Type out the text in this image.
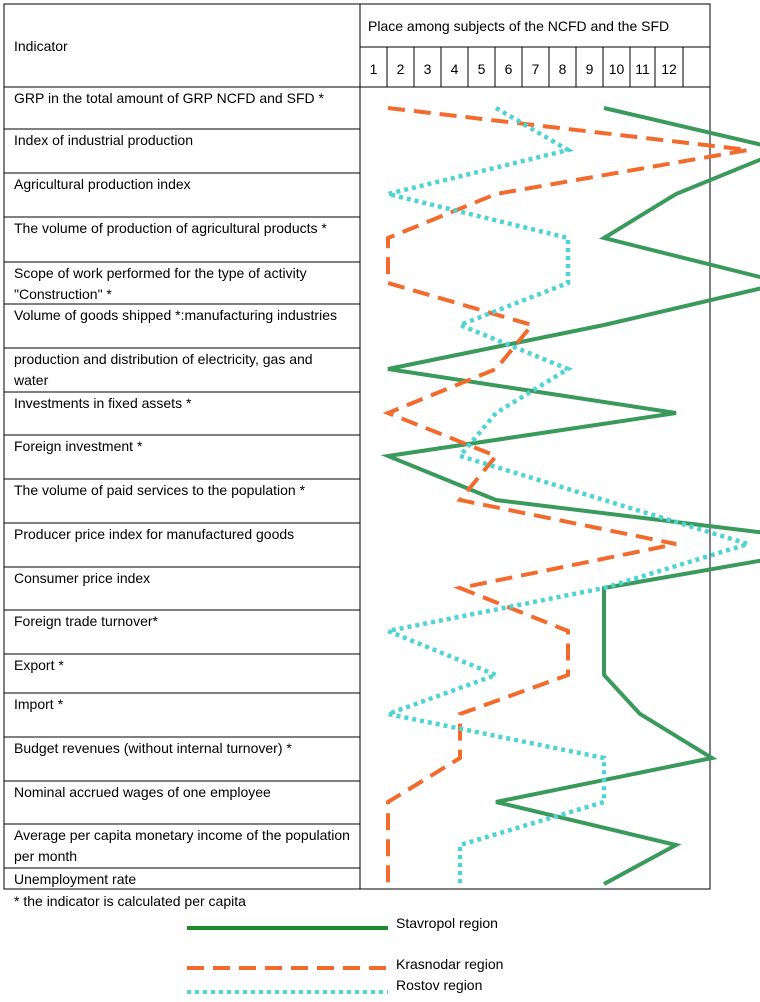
Indicator
Place among subjects of the NCFD and the SFD
1 2 3 4 5 6 7 8 9 10 11 12
GRP in the total amount of GRP NCFD and SFD *
Index of industrial production
Agricultural production index
The volume of production of agricultural products *
Scope of work performed for the type of activity "Construction" *
Volume of goods shipped *:manufacturing industries
production and distribution of electricity, gas and water
Investments in fixed assets *
Foreign investment *
The volume of paid services to the population *
Producer price index for manufactured goods
Consumer price index
Foreign trade turnover*
Export *
Import *
Budget revenues (without internal turnover) *
Nominal accrued wages of one employee
Average per capita monetary income of the population per month
Unemployment rate
* the indicator is calculated per capita
Stavropol region
Krasnodar region
Rostov region
